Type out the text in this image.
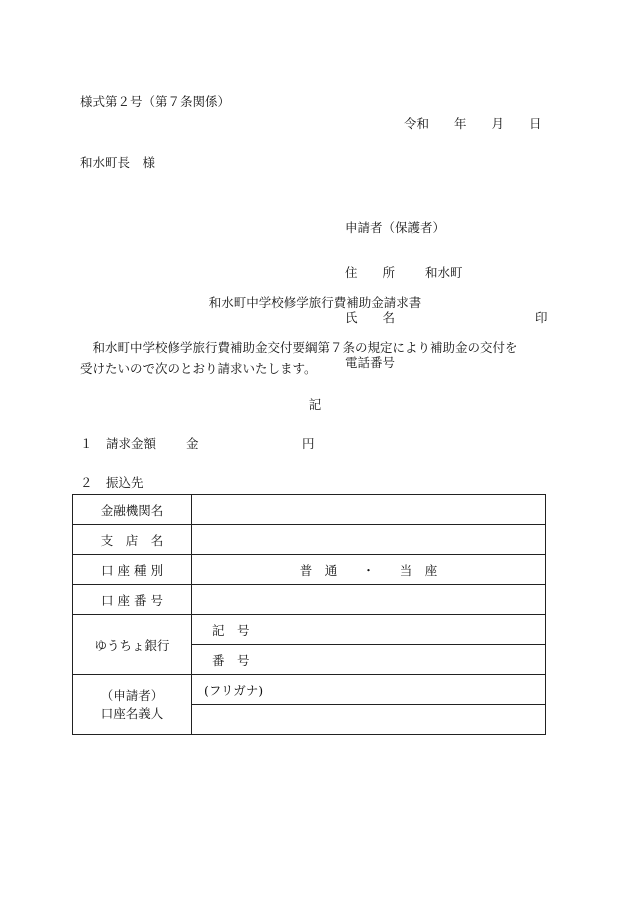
様式第２号（第７条関係）
令和　　年　　月　　日
和水町長　様

申請者（保護者）

住　　所

和水町

氏　　名

	印

電話番号

和水町中学校修学旅行費補助金請求書

　和水町中学校修学旅行費補助金交付要綱第７条の規定により補助金の交付を

受けたいので次のとおり請求いたします。

記
１ 請求金額 金	円
２ 振込先
金融機関名	
支　店　名	
口 座 種 別	普　通　　・　　当　座
口 座 番 号	
ゆうちょ銀行	記　号
	番　号

（申請者）
口座名義人	(フリガナ)
